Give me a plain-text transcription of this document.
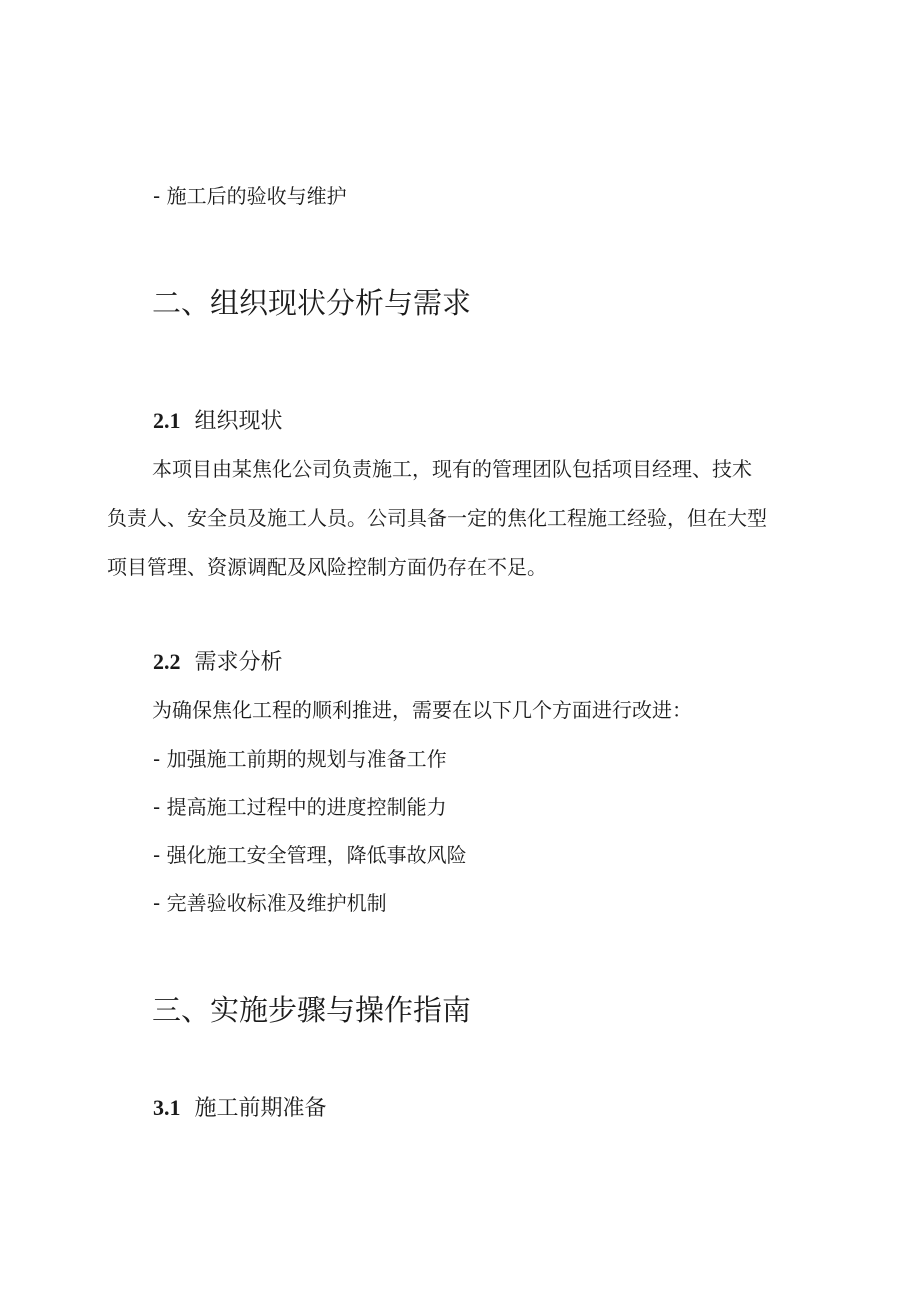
- 施工后的验收与维护
二、组织现状分析与需求
2.1 组织现状
本项目由某焦化公司负责施工，现有的管理团队包括项目经理、技术
负责人、安全员及施工人员。公司具备一定的焦化工程施工经验，但在大型
项目管理、资源调配及风险控制方面仍存在不足。
2.2 需求分析
为确保焦化工程的顺利推进，需要在以下几个方面进行改进：
- 加强施工前期的规划与准备工作
- 提高施工过程中的进度控制能力
- 强化施工安全管理，降低事故风险
- 完善验收标准及维护机制
三、实施步骤与操作指南
3.1 施工前期准备
